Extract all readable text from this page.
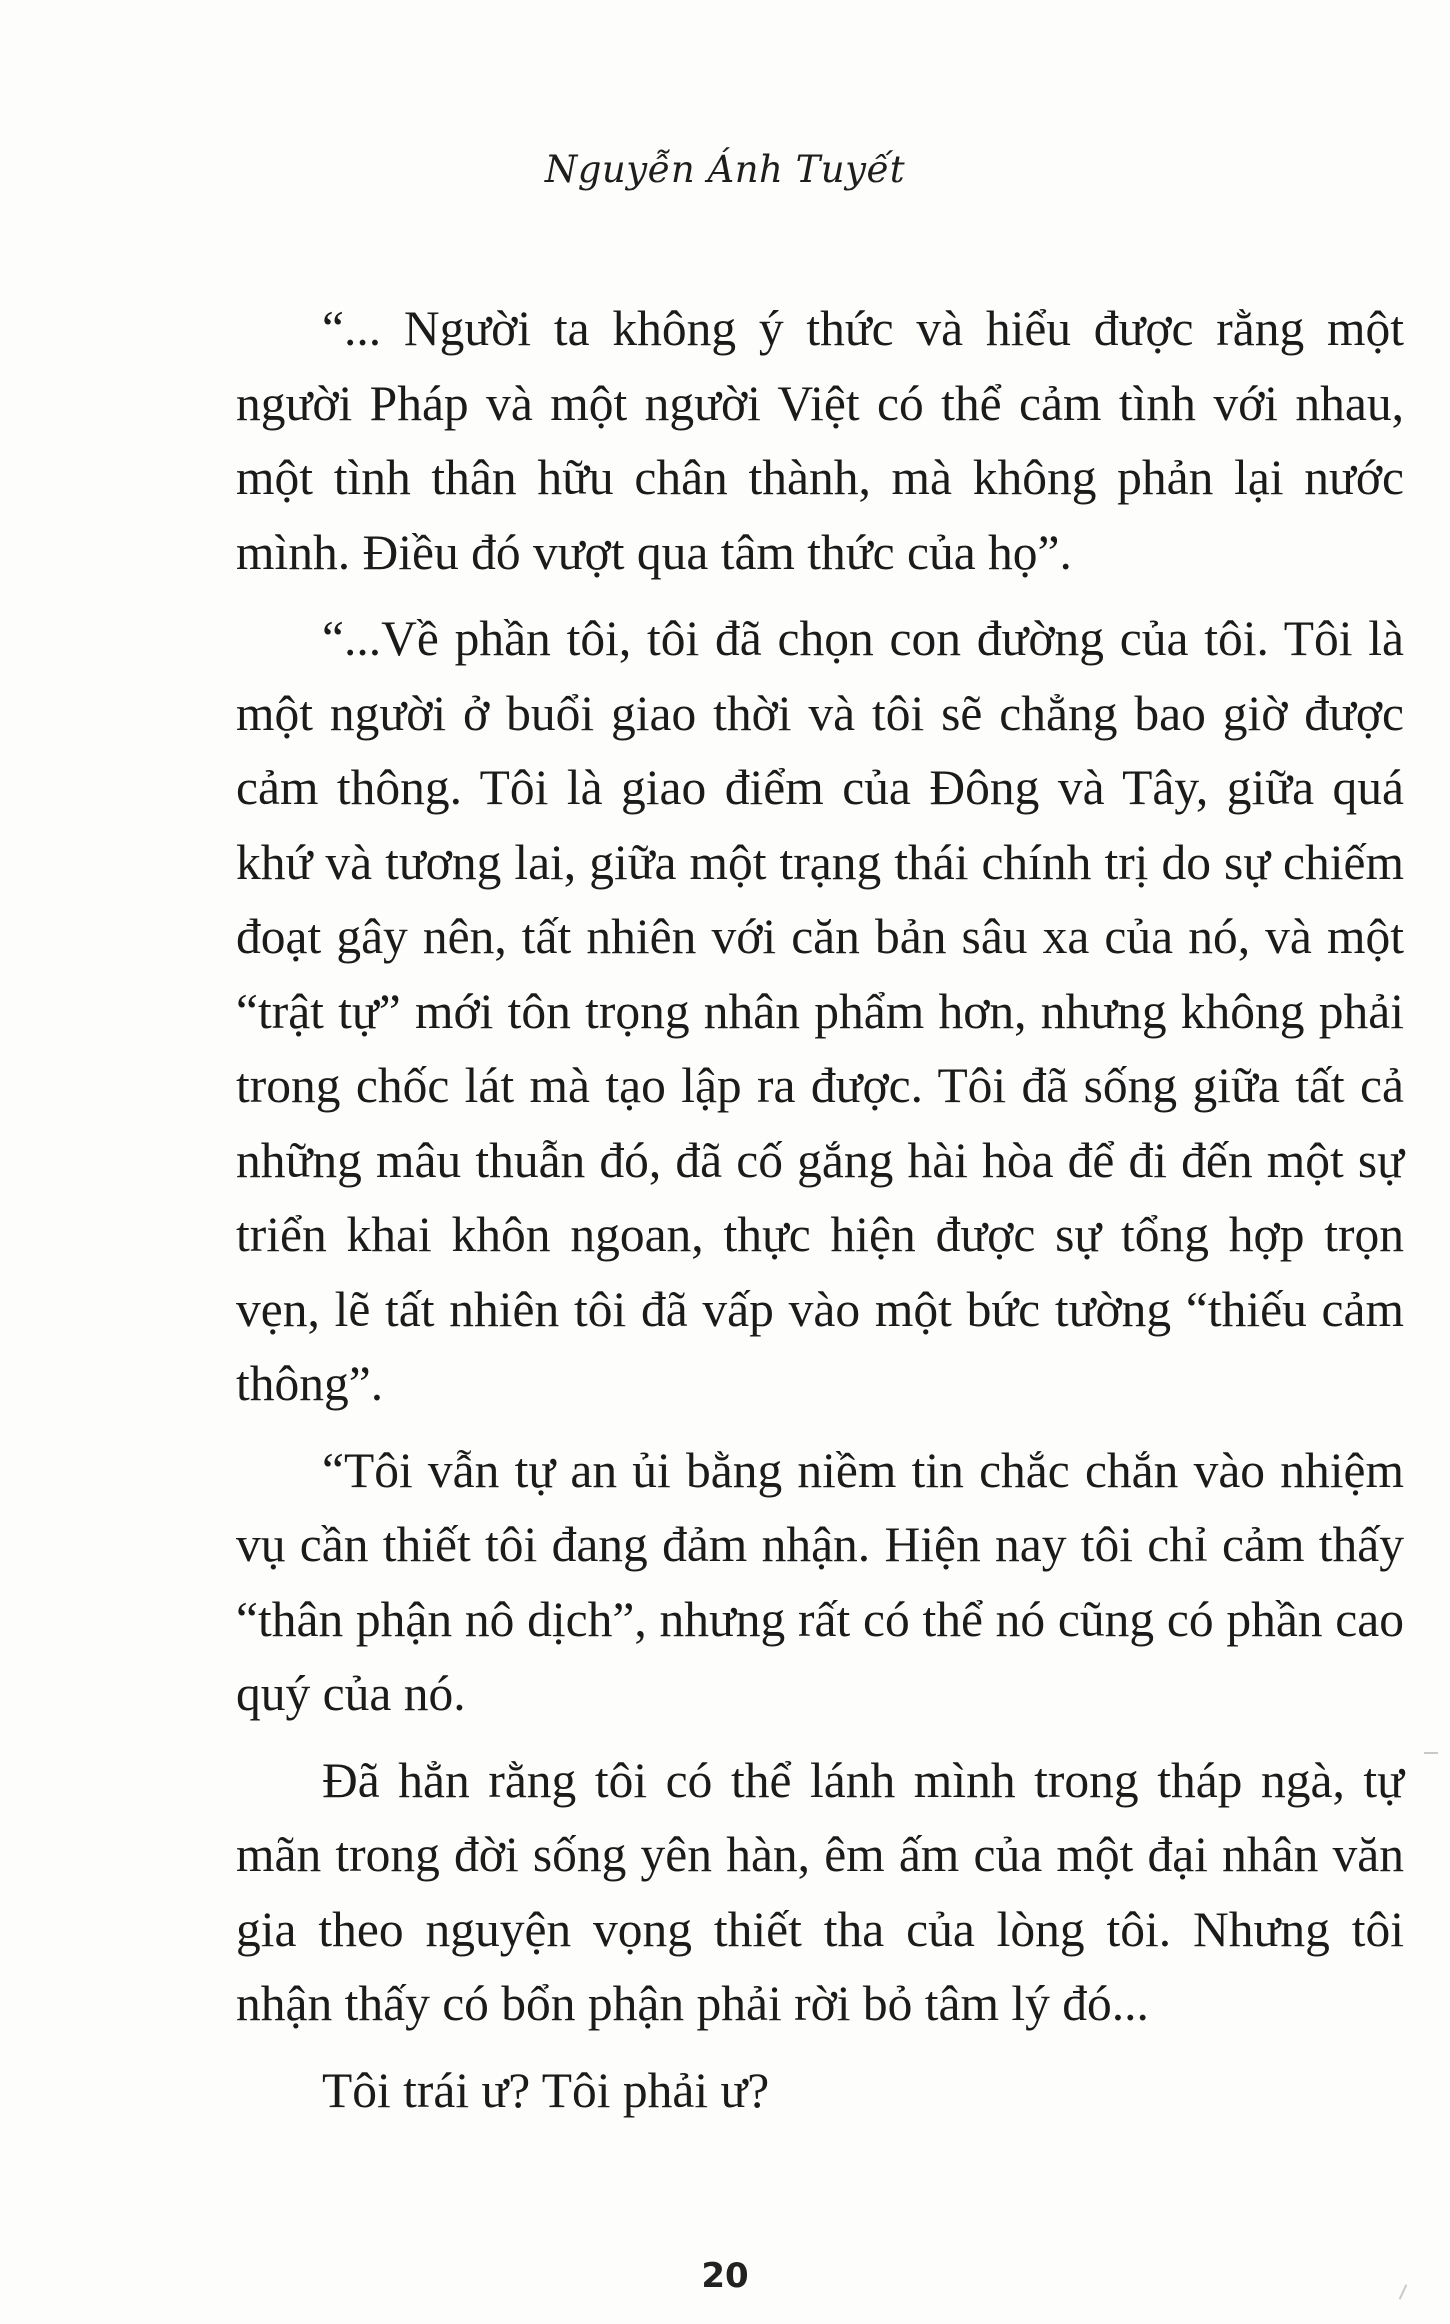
Nguyễn Ánh Tuyết

“... Người ta không ý thức và hiểu được rằng một người Pháp và một người Việt có thể cảm tình với nhau, một tình thân hữu chân thành, mà không phản lại nước mình. Điều đó vượt qua tâm thức của họ”.

“...Về phần tôi, tôi đã chọn con đường của tôi. Tôi là một người ở buổi giao thời và tôi sẽ chẳng bao giờ được cảm thông. Tôi là giao điểm của Đông và Tây, giữa quá khứ và tương lai, giữa một trạng thái chính trị do sự chiếm đoạt gây nên, tất nhiên với căn bản sâu xa của nó, và một “trật tự” mới tôn trọng nhân phẩm hơn, nhưng không phải trong chốc lát mà tạo lập ra được. Tôi đã sống giữa tất cả những mâu thuẫn đó, đã cố gắng hài hòa để đi đến một sự triển khai khôn ngoan, thực hiện được sự tổng hợp trọn vẹn, lẽ tất nhiên tôi đã vấp vào một bức tường “thiếu cảm thông”.

“Tôi vẫn tự an ủi bằng niềm tin chắc chắn vào nhiệm vụ cần thiết tôi đang đảm nhận. Hiện nay tôi chỉ cảm thấy “thân phận nô dịch”, nhưng rất có thể nó cũng có phần cao quý của nó.

Đã hẳn rằng tôi có thể lánh mình trong tháp ngà, tự mãn trong đời sống yên hàn, êm ấm của một đại nhân văn gia theo nguyện vọng thiết tha của lòng tôi. Nhưng tôi nhận thấy có bổn phận phải rời bỏ tâm lý đó...

Tôi trái ư? Tôi phải ư?

20
